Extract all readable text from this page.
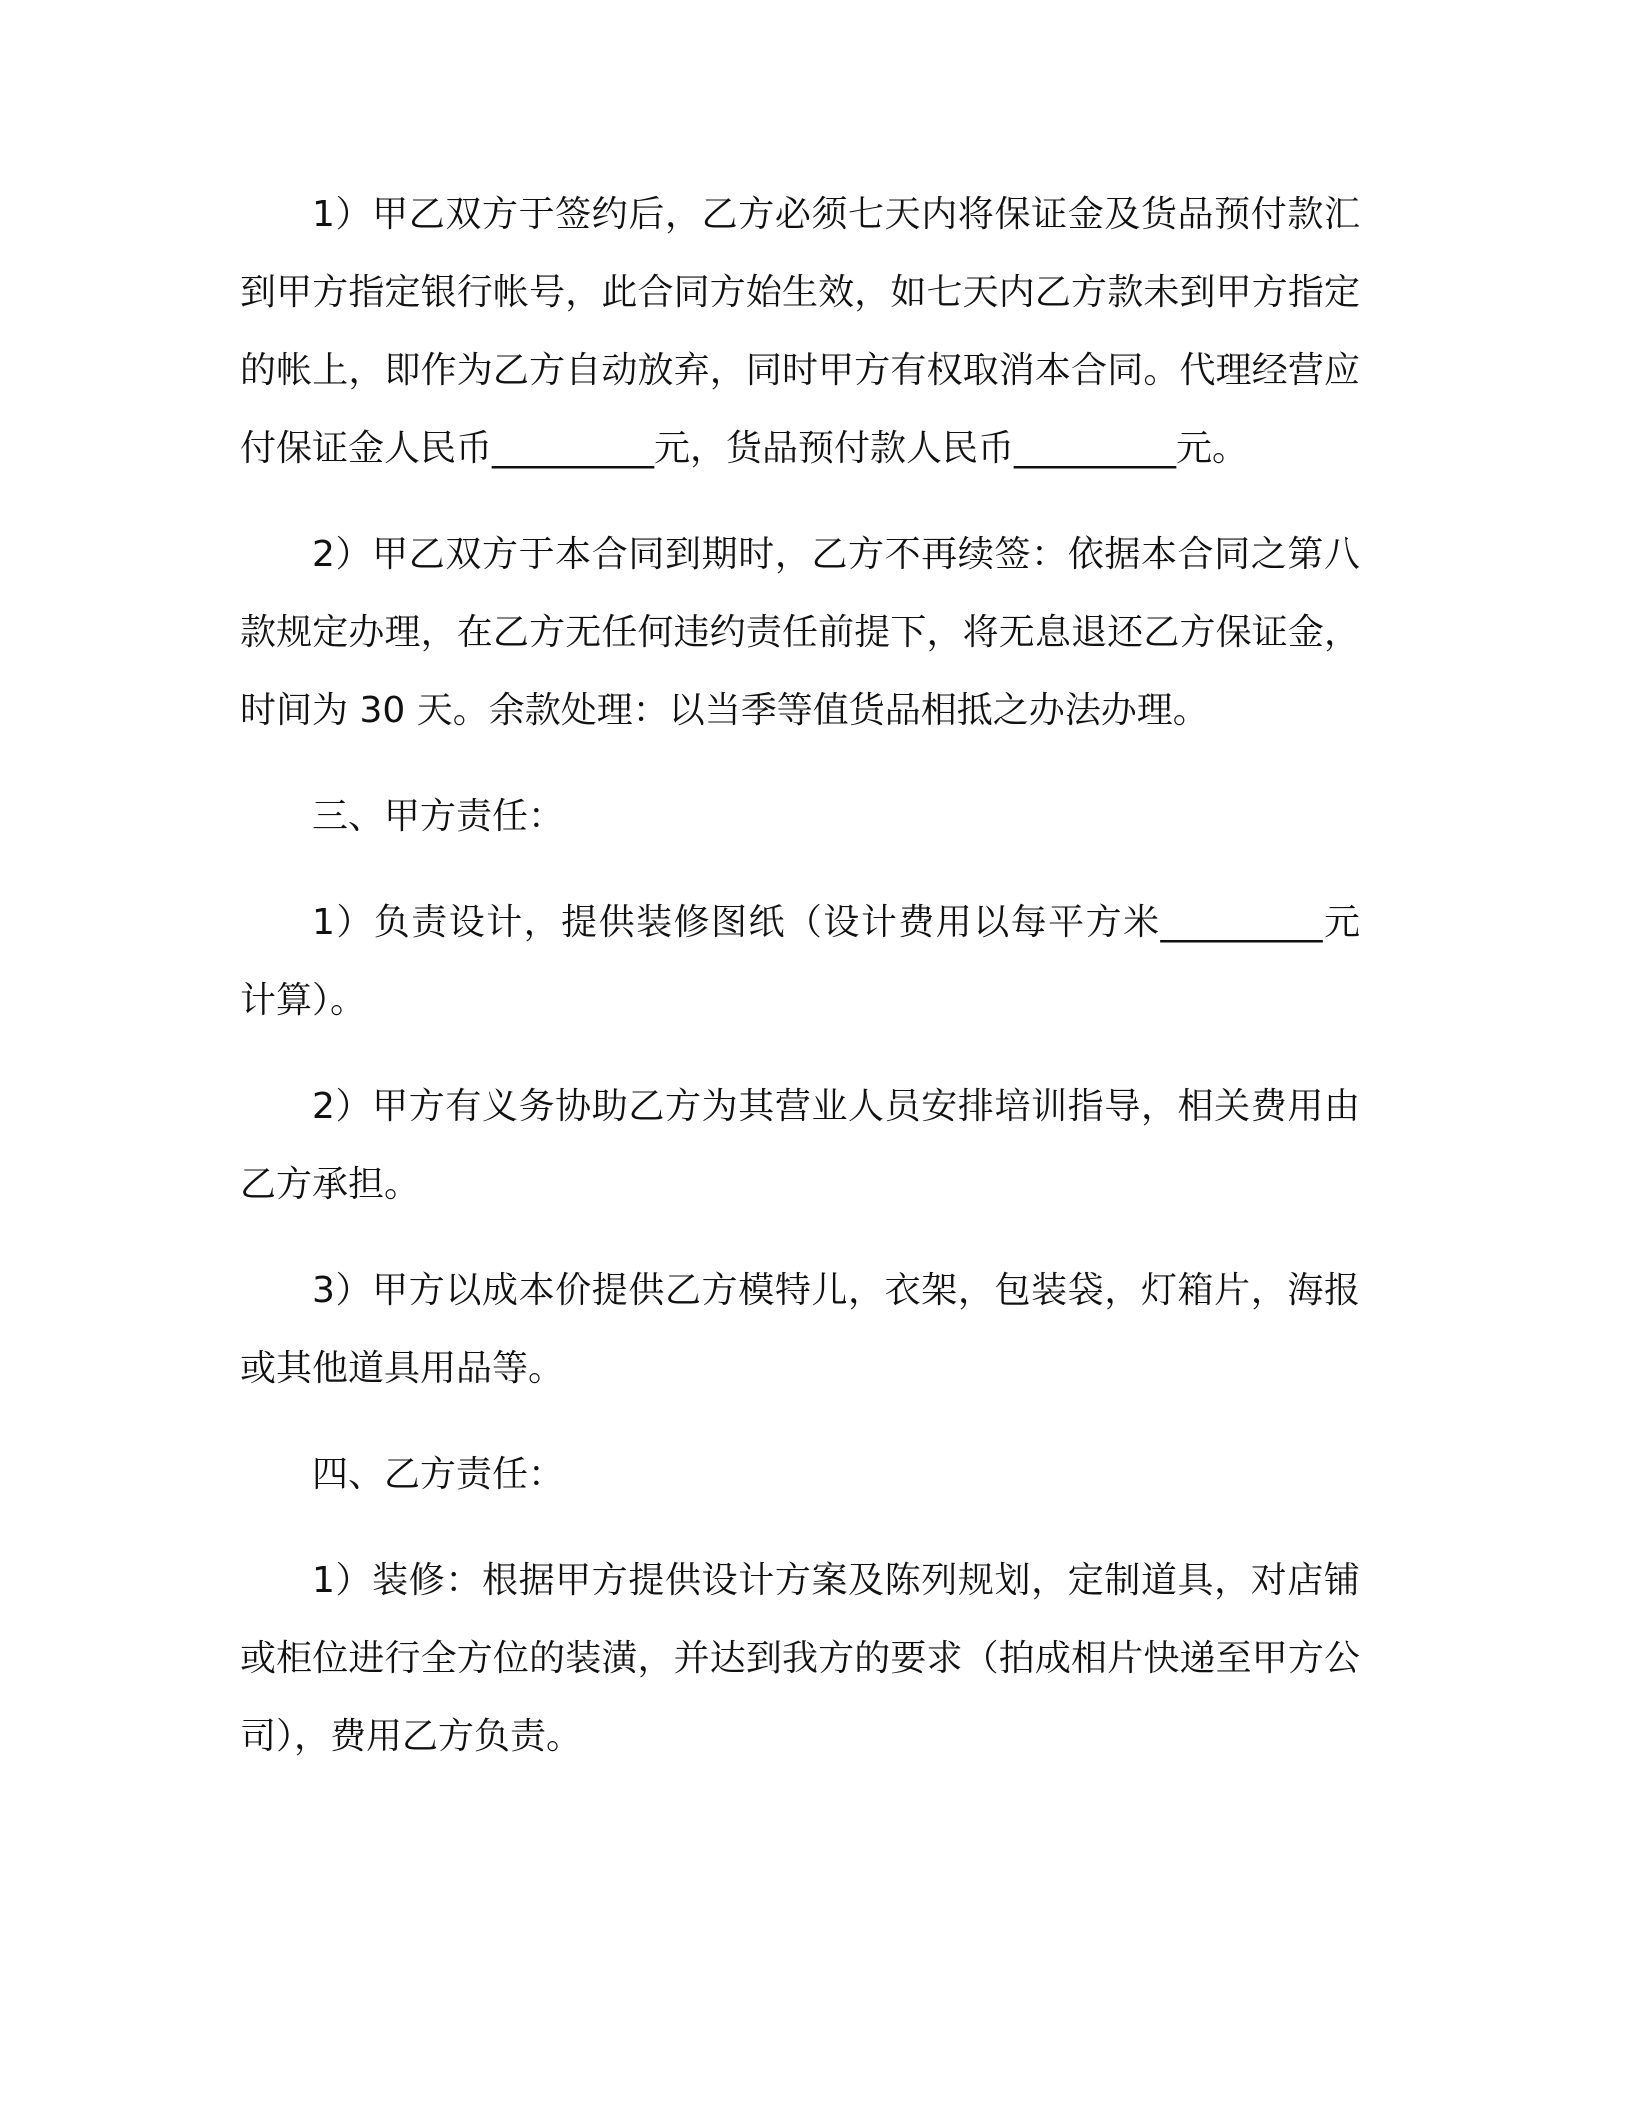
1）甲乙双方于签约后，乙方必须七天内将保证金及货品预付款汇到甲方指定银行帐号，此合同方始生效，如七天内乙方款未到甲方指定的帐上，即作为乙方自动放弃，同时甲方有权取消本合同。代理经营应付保证金人民币_________元，货品预付款人民币_________元。

2）甲乙双方于本合同到期时，乙方不再续签：依据本合同之第八款规定办理，在乙方无任何违约责任前提下，将无息退还乙方保证金，时间为 30 天。余款处理：以当季等值货品相抵之办法办理。

三、甲方责任：

1）负责设计，提供装修图纸（设计费用以每平方米_________元计算）。

2）甲方有义务协助乙方为其营业人员安排培训指导，相关费用由乙方承担。

3）甲方以成本价提供乙方模特儿，衣架，包装袋，灯箱片，海报或其他道具用品等。

四、乙方责任：

1）装修：根据甲方提供设计方案及陈列规划，定制道具，对店铺或柜位进行全方位的装潢，并达到我方的要求（拍成相片快递至甲方公司），费用乙方负责。
